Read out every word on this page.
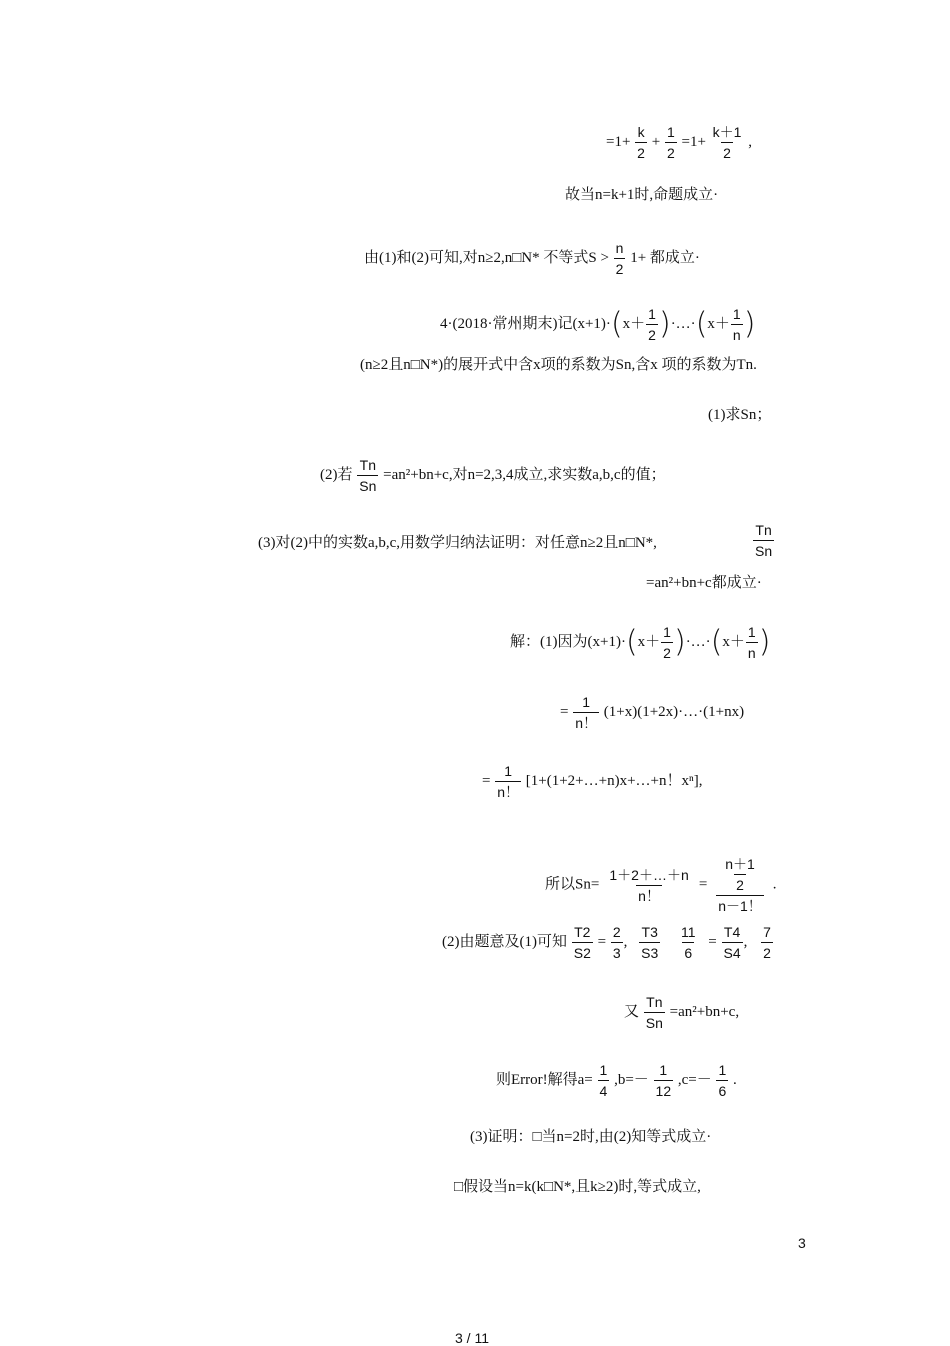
$=1+ \frac{k}{2} + \frac{1}{2} =1+ \frac{k+1}{2}$ ,
故当n=k+1时,命题成立·
由(1)和(2)可知,对n≥2,n□N* 不等式$S > \frac{n}{2} 1+$ 都成立·
4·(2018·常州期末)记$(x+1)\cdot(x+ \frac{1}{2}$ )·…·(x＋ $\frac{1}{n}$ )
(n≥2且n□N*)的展开式中含x项的系数为Sn,含x 项的系数为Tn.
(1)求Sn；
(2)若 $\frac{Tn}{Sn} =an^2+bn+c$,对n=2,3,4成立,求实数a,b,c的值；
(3)对(2)中的实数a,b,c,用数学归纳法证明：对任意n≥2且n□N*,	$\frac{Tn}{Sn}$
=an²+bn+c都成立·
解：(1)因为$(x+1)\cdot(x+ \frac{1}{2}$ )·…·(x＋ $\frac{1}{n}$ )
= $\frac{1}{n!}$ (1+x)(1+2x)·…·(1+nx)
= $\frac{1}{n!}$ [1+(1+2+…+n)x+…+n！xⁿ],
所以$Sn= \frac{1+2+\dots+n}{n!} = \frac{\frac{n+1}{2}}{n-1!}$ .
(2)由题意及(1)可知 $\frac{T2}{S2} = \frac{2}{3}$ , $\frac{T3}{S3}$
$\frac{11}{6} = \frac{T4}{S4}$ , $\frac{7}{2}$
又 $\frac{Tn}{Sn} =an^2+bn+c$,
则Error!解得$a= \frac{1}{4} ,b=- \frac{1}{12} ,c=- \frac{1}{6}$ .
(3)证明：□当n=2时,由(2)知等式成立·
□假设当n=k(k□N*,且k≥2)时,等式成立,
3
3 / 11
